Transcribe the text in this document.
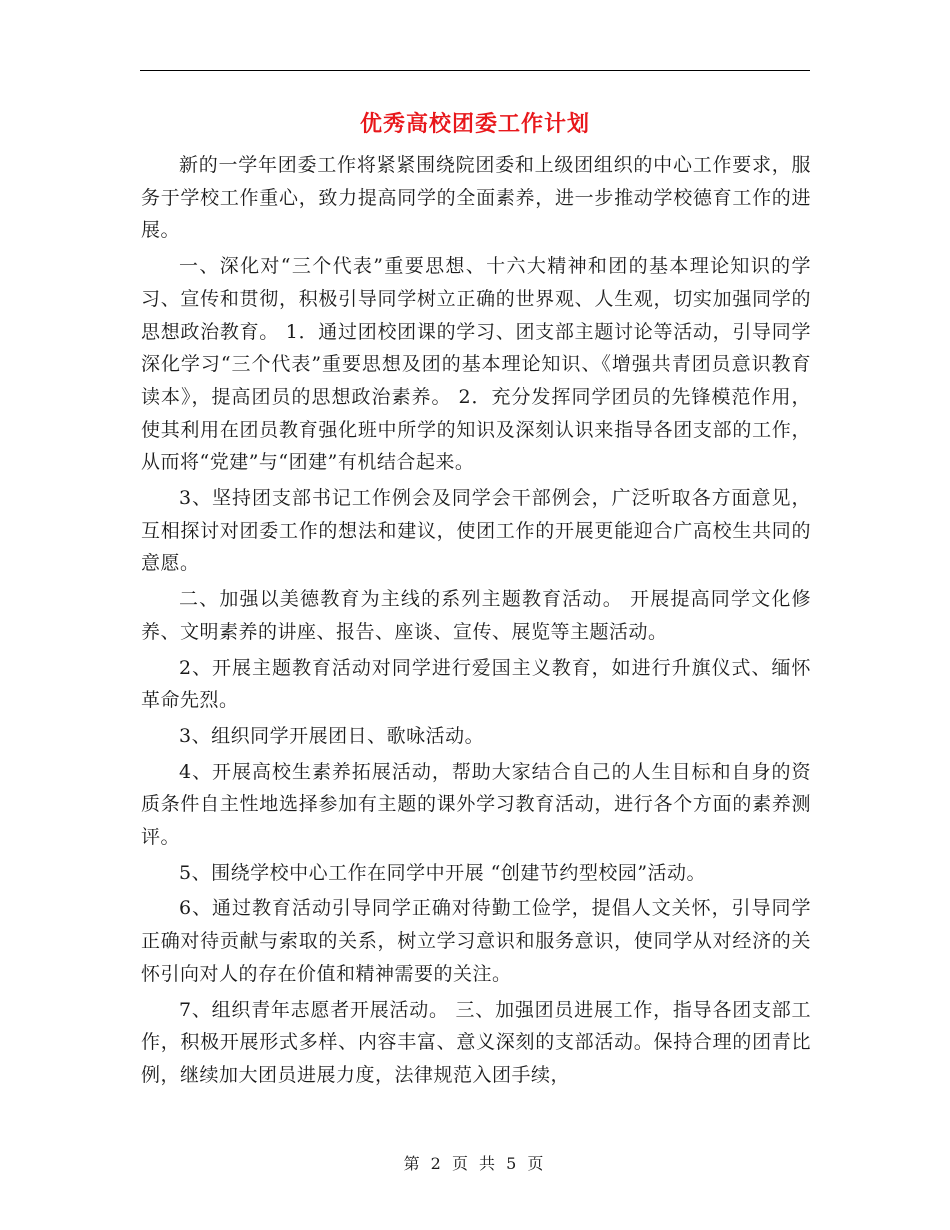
优秀高校团委工作计划

新的一学年团委工作将紧紧围绕院团委和上级团组织的中心工作要求，服务于学校工作重心，致力提高同学的全面素养，进一步推动学校德育工作的进展。

一、深化对“三个代表”重要思想、十六大精神和团的基本理论知识的学习、宣传和贯彻，积极引导同学树立正确的世界观、人生观，切实加强同学的思想政治教育。 1．通过团校团课的学习、团支部主题讨论等活动，引导同学深化学习“三个代表”重要思想及团的基本理论知识、《增强共青团员意识教育读本》，提高团员的思想政治素养。 2．充分发挥同学团员的先锋模范作用，使其利用在团员教育强化班中所学的知识及深刻认识来指导各团支部的工作，从而将“党建”与“团建”有机结合起来。

3、坚持团支部书记工作例会及同学会干部例会，广泛听取各方面意见，互相探讨对团委工作的想法和建议，使团工作的开展更能迎合广高校生共同的意愿。

二、加强以美德教育为主线的系列主题教育活动。 开展提高同学文化修养、文明素养的讲座、报告、座谈、宣传、展览等主题活动。

2、开展主题教育活动对同学进行爱国主义教育，如进行升旗仪式、缅怀革命先烈。

3、组织同学开展团日、歌咏活动。

4、开展高校生素养拓展活动，帮助大家结合自己的人生目标和自身的资质条件自主性地选择参加有主题的课外学习教育活动，进行各个方面的素养测评。

5、围绕学校中心工作在同学中开展 “创建节约型校园”活动。

6、通过教育活动引导同学正确对待勤工俭学，提倡人文关怀，引导同学正确对待贡献与索取的关系，树立学习意识和服务意识，使同学从对经济的关怀引向对人的存在价值和精神需要的关注。

7、组织青年志愿者开展活动。 三、加强团员进展工作，指导各团支部工作，积极开展形式多样、内容丰富、意义深刻的支部活动。保持合理的团青比例，继续加大团员进展力度，法律规范入团手续，

第 2 页 共 5 页
